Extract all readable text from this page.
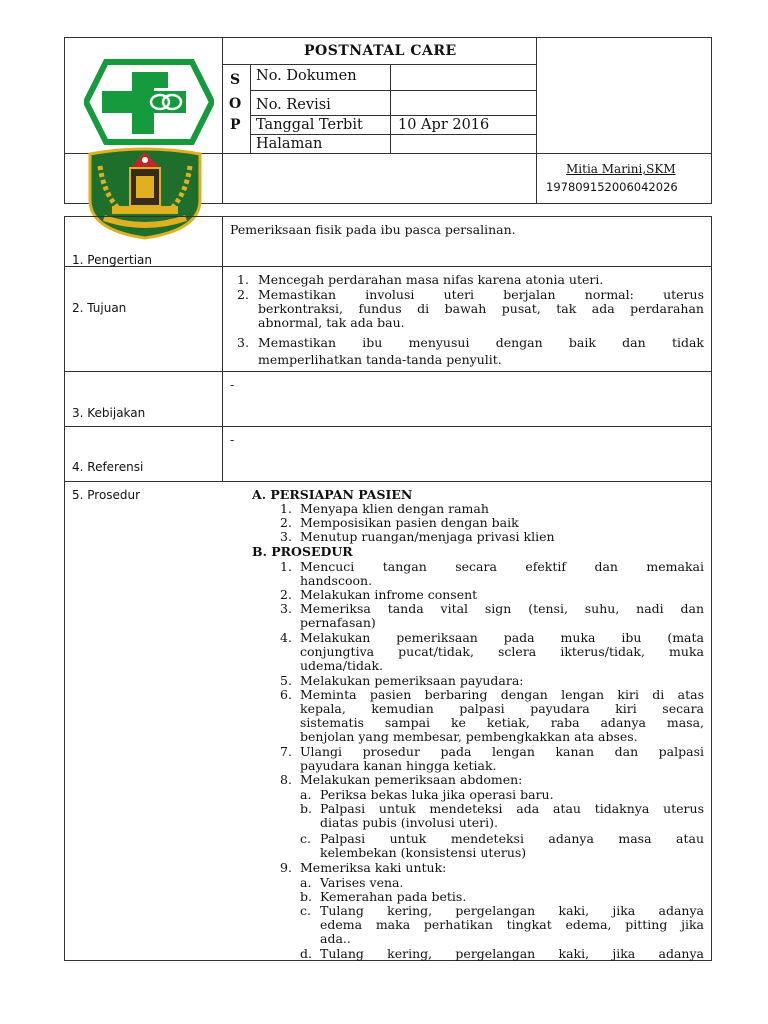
POSTNATAL CARE
S
O
P
No. Dokumen
No. Revisi
Tanggal Terbit 10 Apr 2016
Halaman
Mitia Marini,SKM
197809152006042026
1. Pengertian
2. Tujuan
3. Kebijakan
4. Referensi
5. Prosedur
Pemeriksaan fisik pada ibu pasca persalinan.
1. Mencegah perdarahan masa nifas karena atonia uteri.
2. Memastikan involusi uteri berjalan normal: uterus
berkontraksi, fundus di bawah pusat, tak ada perdarahan
abnormal, tak ada bau.
3. Memastikan ibu menyusui dengan baik dan tidak
memperlihatkan tanda-tanda penyulit.
-
-
A. PERSIAPAN PASIEN
1. Menyapa klien dengan ramah
2. Memposisikan pasien dengan baik
3. Menutup ruangan/menjaga privasi klien
B. PROSEDUR
1. Mencuci tangan secara efektif dan memakai
handscoon.
2. Melakukan infrome consent
3. Memeriksa tanda vital sign (tensi, suhu, nadi dan
pernafasan)
4. Melakukan pemeriksaan pada muka ibu (mata
conjungtiva pucat/tidak, sclera ikterus/tidak, muka
udema/tidak.
5. Melakukan pemeriksaan payudara:
6. Meminta pasien berbaring dengan lengan kiri di atas
kepala, kemudian palpasi payudara kiri secara
sistematis sampai ke ketiak, raba adanya masa,
benjolan yang membesar, pembengkakkan ata abses.
7. Ulangi prosedur pada lengan kanan dan palpasi
payudara kanan hingga ketiak.
8. Melakukan pemeriksaan abdomen:
a. Periksa bekas luka jika operasi baru.
b. Palpasi untuk mendeteksi ada atau tidaknya uterus
diatas pubis (involusi uteri).
c. Palpasi untuk mendeteksi adanya masa atau
kelembekan (konsistensi uterus)
9. Memeriksa kaki untuk:
a. Varises vena.
b. Kemerahan pada betis.
c. Tulang kering, pergelangan kaki, jika adanya
edema maka perhatikan tingkat edema, pitting jika
ada..
d. Tulang kering, pergelangan kaki, jika adanya
